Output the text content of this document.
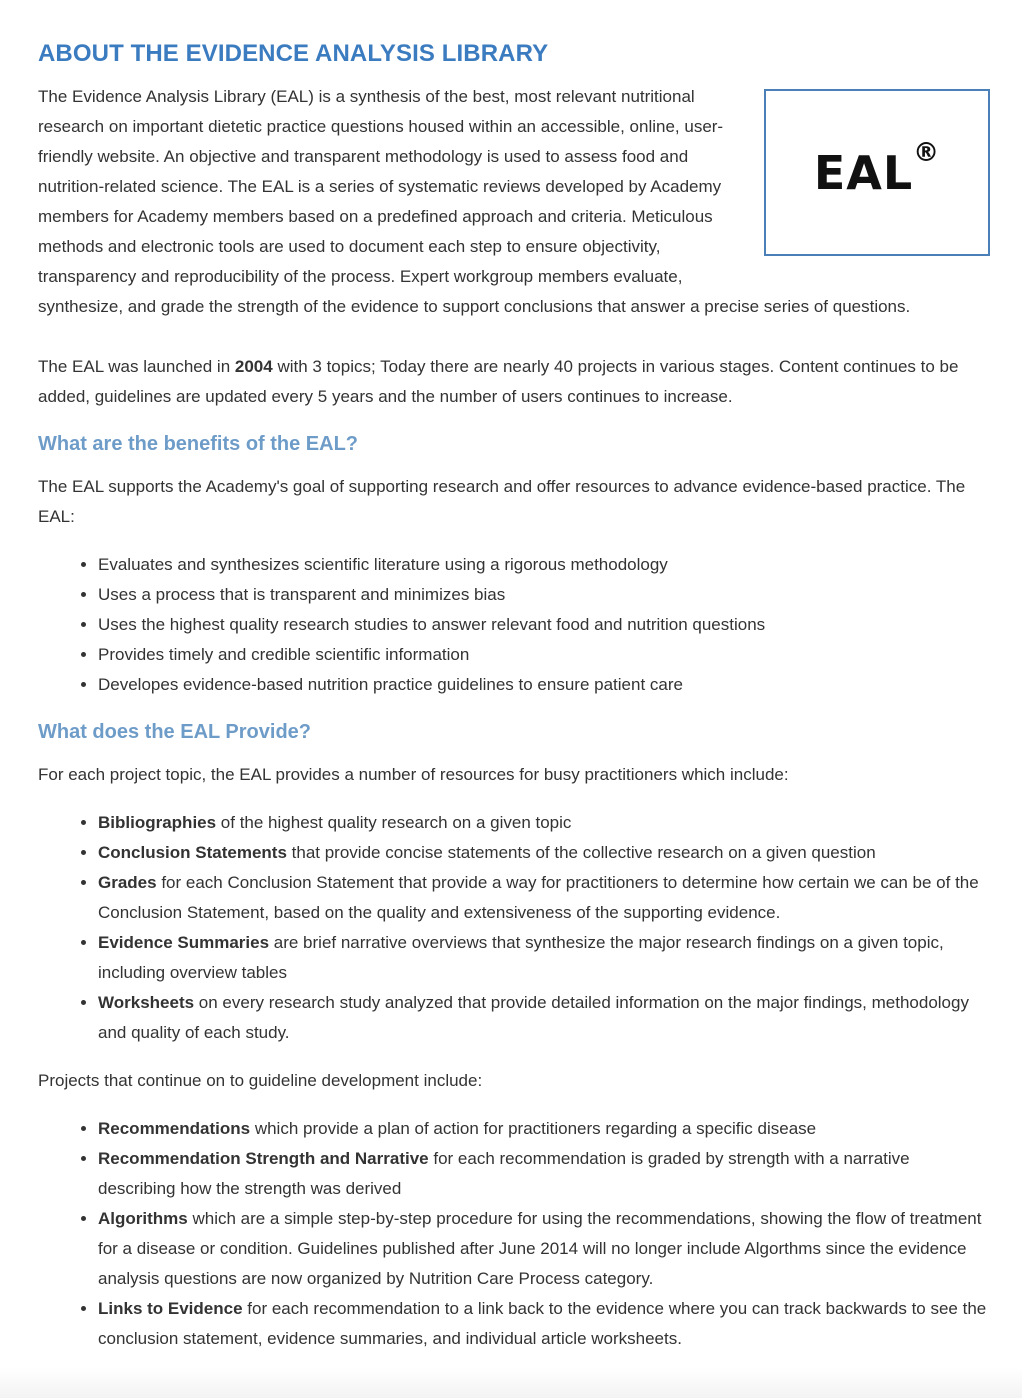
ABOUT THE EVIDENCE ANALYSIS LIBRARY
EAL®

The Evidence Analysis Library (EAL) is a synthesis of the best, most relevant nutritional research on important dietetic practice questions housed within an accessible, online, user-friendly website. An objective and transparent methodology is used to assess food and nutrition-related science. The EAL is a series of systematic reviews developed by Academy members for Academy members based on a predefined approach and criteria. Meticulous methods and electronic tools are used to document each step to ensure objectivity, transparency and reproducibility of the process. Expert workgroup members evaluate, synthesize, and grade the strength of the evidence to support conclusions that answer a precise series of questions.

The EAL was launched in 2004 with 3 topics; Today there are nearly 40 projects in various stages. Content continues to be added, guidelines are updated every 5 years and the number of users continues to increase.

What are the benefits of the EAL?

The EAL supports the Academy's goal of supporting research and offer resources to advance evidence-based practice. The EAL:

• Evaluates and synthesizes scientific literature using a rigorous methodology
• Uses a process that is transparent and minimizes bias
• Uses the highest quality research studies to answer relevant food and nutrition questions
• Provides timely and credible scientific information
• Developes evidence-based nutrition practice guidelines to ensure patient care
What does the EAL Provide?

For each project topic, the EAL provides a number of resources for busy practitioners which include:

• Bibliographies of the highest quality research on a given topic
• Conclusion Statements that provide concise statements of the collective research on a given question
• Grades for each Conclusion Statement that provide a way for practitioners to determine how certain we can be of the Conclusion Statement, based on the quality and extensiveness of the supporting evidence.
• Evidence Summaries are brief narrative overviews that synthesize the major research findings on a given topic, including overview tables
• Worksheets on every research study analyzed that provide detailed information on the major findings, methodology and quality of each study.

Projects that continue on to guideline development include:

• Recommendations which provide a plan of action for practitioners regarding a specific disease
• Recommendation Strength and Narrative for each recommendation is graded by strength with a narrative describing how the strength was derived
• Algorithms which are a simple step-by-step procedure for using the recommendations, showing the flow of treatment for a disease or condition. Guidelines published after June 2014 will no longer include Algorthms since the evidence analysis questions are now organized by Nutrition Care Process category.
• Links to Evidence for each recommendation to a link back to the evidence where you can track backwards to see the conclusion statement, evidence summaries, and individual article worksheets.
